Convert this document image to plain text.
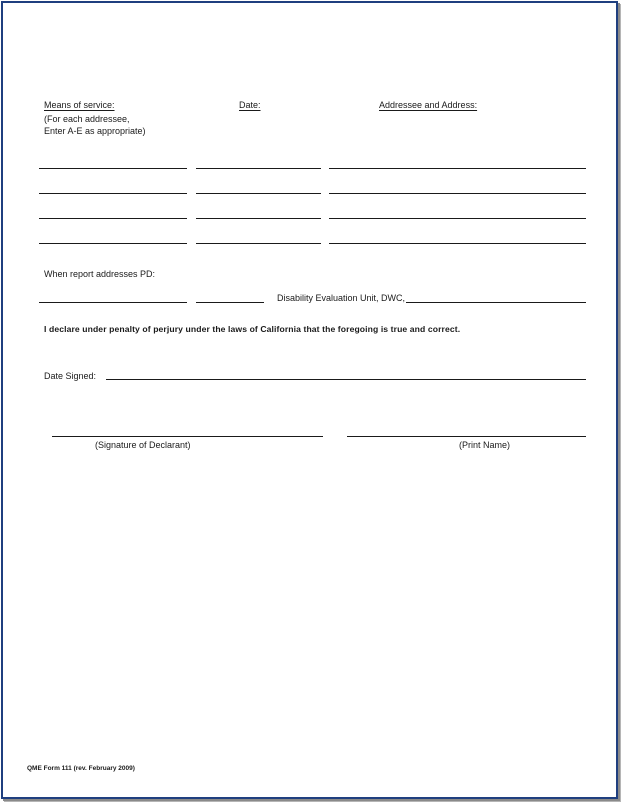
Means of service:
(For each addressee,
Enter A-E as appropriate)
Date:	Addressee and Address:
When report addresses PD:
Disability Evaluation Unit, DWC,
I declare under penalty of perjury under the laws of California that the foregoing is true and correct.
Date Signed:
(Signature of Declarant)	(Print Name)
QME Form 111 (rev. February 2009)
